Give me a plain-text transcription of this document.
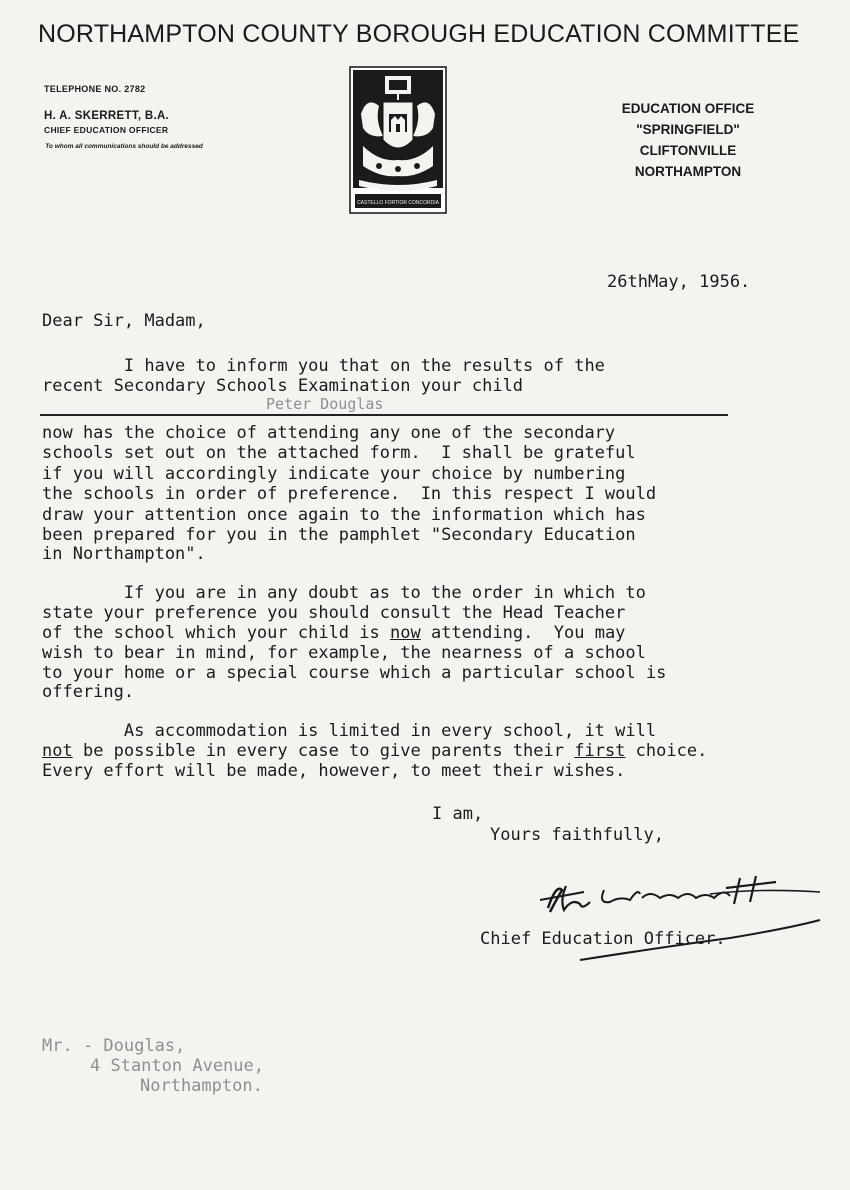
NORTHAMPTON COUNTY BOROUGH EDUCATION COMMITTEE
TELEPHONE NO. 2782
H. A. SKERRETT, B.A.
CHIEF EDUCATION OFFICER
To whom all communications should be addressed
CASTELLO FORTIOR CONCORDIA
EDUCATION OFFICE
"SPRINGFIELD"
CLIFTONVILLE
NORTHAMPTON
26thMay, 1956.
Dear Sir, Madam,
I have to inform you that on the results of the
recent Secondary Schools Examination your child
Peter Douglas
now has the choice of attending any one of the secondary
schools set out on the attached form.  I shall be grateful
if you will accordingly indicate your choice by numbering
the schools in order of preference.  In this respect I would
draw your attention once again to the information which has
been prepared for you in the pamphlet "Secondary Education
in Northampton".
If you are in any doubt as to the order in which to
state your preference you should consult the Head Teacher
of the school which your child is now attending.  You may
wish to bear in mind, for example, the nearness of a school
to your home or a special course which a particular school is
offering.
As accommodation is limited in every school, it will
not be possible in every case to give parents their first choice.
Every effort will be made, however, to meet their wishes.
I am,
Yours faithfully,
H.A. Skerrett
Chief Education Officer.
Mr. - Douglas,
4 Stanton Avenue,
Northampton.
